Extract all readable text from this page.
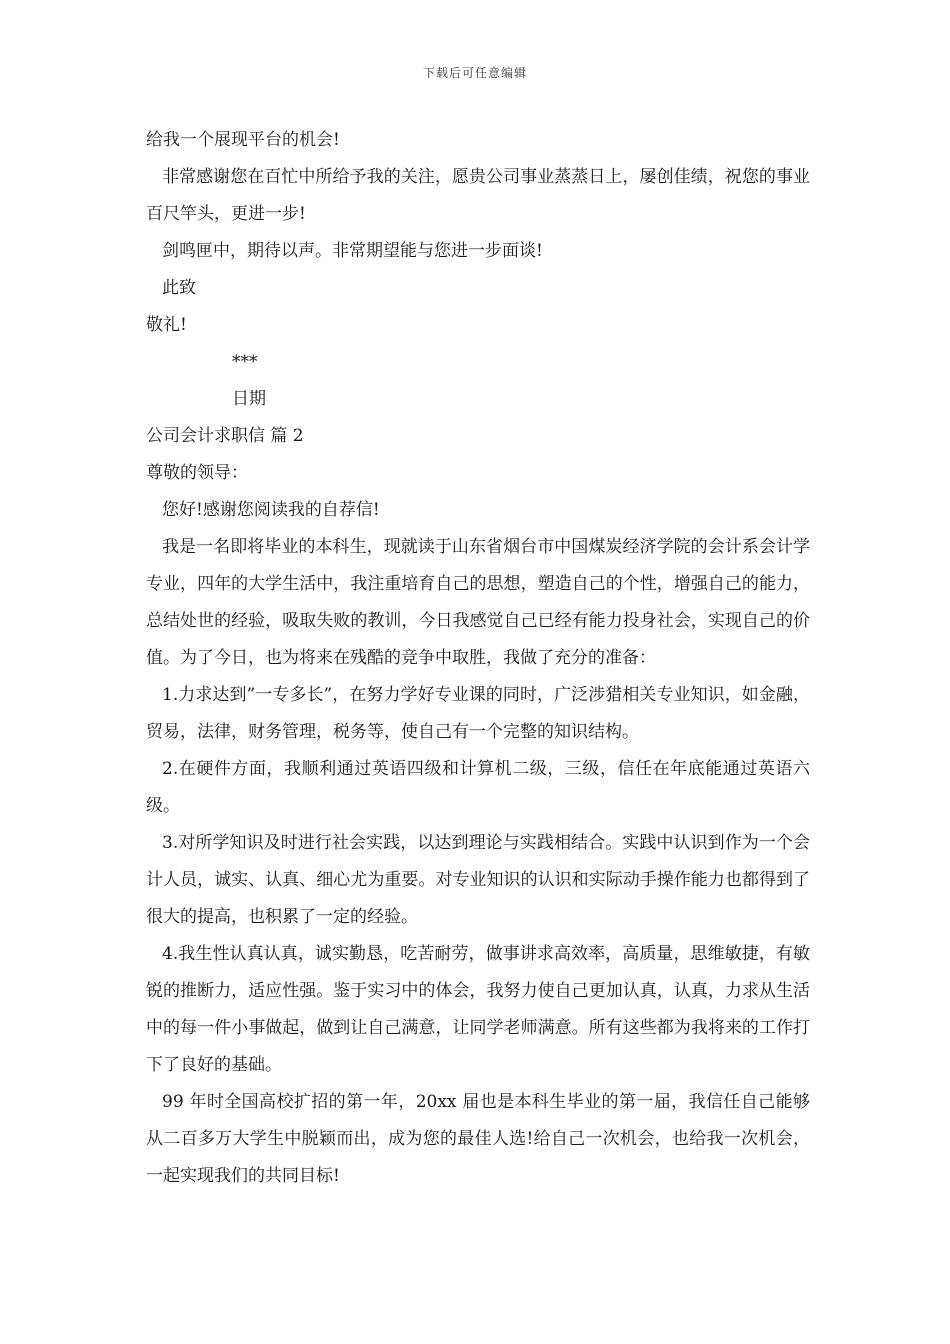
下载后可任意编辑
给我一个展现平台的机会!

非常感谢您在百忙中所给予我的关注，愿贵公司事业蒸蒸日上，屡创佳绩，祝您的事业百尺竿头，更进一步!

剑鸣匣中，期待以声。非常期望能与您进一步面谈!
此致
敬礼!
***
日期
公司会计求职信 篇 2
尊敬的领导：
您好!感谢您阅读我的自荐信!

我是一名即将毕业的本科生，现就读于山东省烟台市中国煤炭经济学院的会计系会计学专业，四年的大学生活中，我注重培育自己的思想，塑造自己的个性，增强自己的能力，总结处世的经验，吸取失败的教训，今日我感觉自己已经有能力投身社会，实现自己的价值。为了今日，也为将来在残酷的竞争中取胜，我做了充分的准备：

1.力求达到”一专多长”，在努力学好专业课的同时，广泛涉猎相关专业知识，如金融，贸易，法律，财务管理，税务等，使自己有一个完整的知识结构。

2.在硬件方面，我顺利通过英语四级和计算机二级，三级，信任在年底能通过英语六级。

3.对所学知识及时进行社会实践，以达到理论与实践相结合。实践中认识到作为一个会计人员，诚实、认真、细心尤为重要。对专业知识的认识和实际动手操作能力也都得到了很大的提高，也积累了一定的经验。

4.我生性认真认真，诚实勤恳，吃苦耐劳，做事讲求高效率，高质量，思维敏捷，有敏锐的推断力，适应性强。鉴于实习中的体会，我努力使自己更加认真，认真，力求从生活中的每一件小事做起，做到让自己满意，让同学老师满意。所有这些都为我将来的工作打下了良好的基础。

99 年时全国高校扩招的第一年，20xx 届也是本科生毕业的第一届，我信任自己能够从二百多万大学生中脱颖而出，成为您的最佳人选!给自己一次机会，也给我一次机会，一起实现我们的共同目标!
